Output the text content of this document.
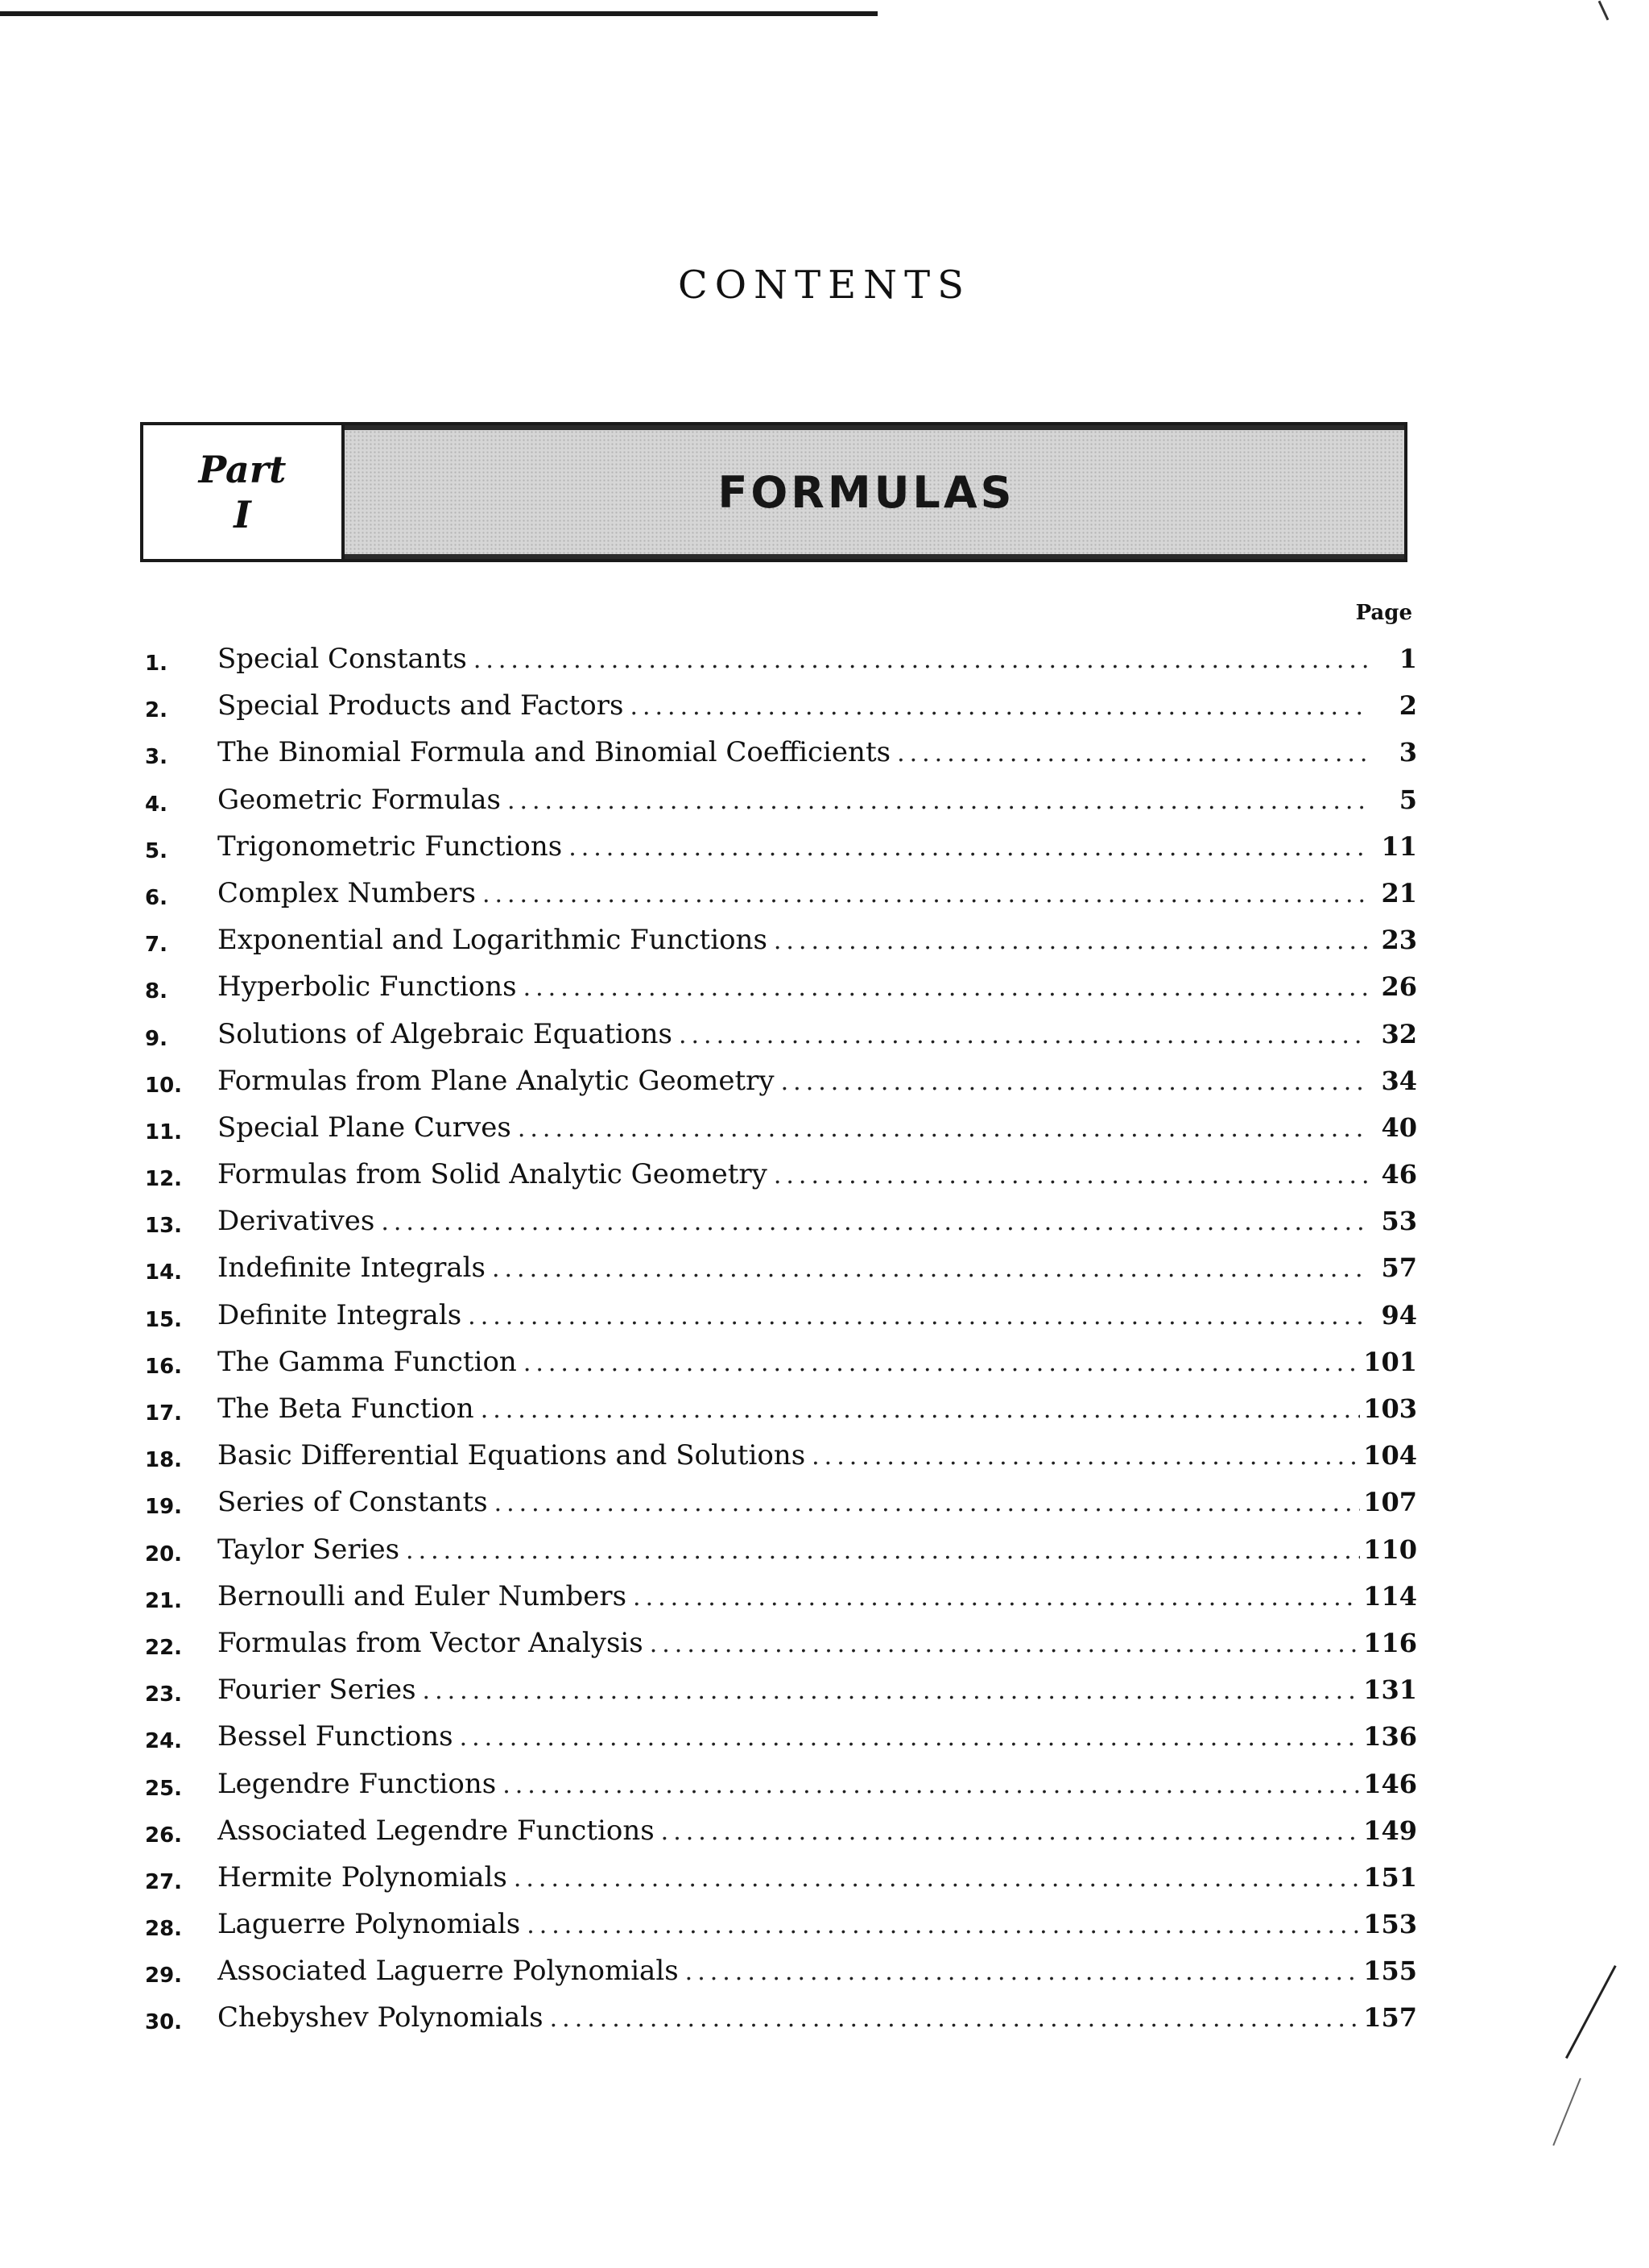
CONTENTS
Part
I	FORMULAS
Page
1.	Special Constants .....	1
2.	Special Products and Factors .....	2
3.	The Binomial Formula and Binomial Coefficients .....	3
4.	Geometric Formulas .....	5
5.	Trigonometric Functions .....	11
6.	Complex Numbers .....	21
7.	Exponential and Logarithmic Functions .....	23
8.	Hyperbolic Functions .....	26
9.	Solutions of Algebraic Equations .....	32
10.	Formulas from Plane Analytic Geometry .....	34
11.	Special Plane Curves .....	40
12.	Formulas from Solid Analytic Geometry .....	46
13.	Derivatives .....	53
14.	Indefinite Integrals .....	57
15.	Definite Integrals .....	94
16.	The Gamma Function .....	101
17.	The Beta Function .....	103
18.	Basic Differential Equations and Solutions .....	104
19.	Series of Constants .....	107
20.	Taylor Series .....	110
21.	Bernoulli and Euler Numbers .....	114
22.	Formulas from Vector Analysis .....	116
23.	Fourier Series .....	131
24.	Bessel Functions .....	136
25.	Legendre Functions .....	146
26.	Associated Legendre Functions .....	149
27.	Hermite Polynomials .....	151
28.	Laguerre Polynomials .....	153
29.	Associated Laguerre Polynomials .....	155
30.	Chebyshev Polynomials .....	157
